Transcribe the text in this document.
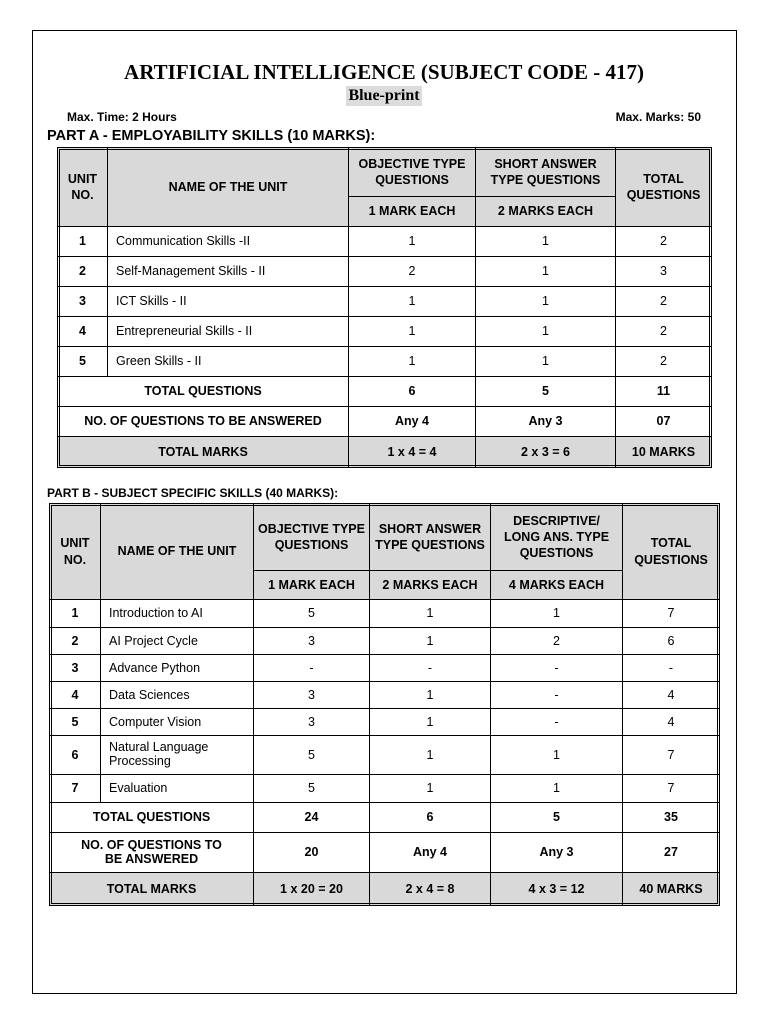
ARTIFICIAL INTELLIGENCE (SUBJECT CODE - 417)
Blue-print
Max. Time: 2 Hours	Max. Marks: 50
PART A - EMPLOYABILITY SKILLS (10 MARKS):
UNIT NO.	NAME OF THE UNIT	OBJECTIVE TYPE QUESTIONS	SHORT ANSWER TYPE QUESTIONS	TOTAL QUESTIONS
		1 MARK EACH	2 MARKS EACH	
1	Communication Skills -II	1	1	2
2	Self-Management Skills - II	2	1	3
3	ICT Skills - II	1	1	2
4	Entrepreneurial Skills - II	1	1	2
5	Green Skills - II	1	1	2
TOTAL QUESTIONS		6	5	11
NO. OF QUESTIONS TO BE ANSWERED		Any 4	Any 3	07
TOTAL MARKS		1 x 4 = 4	2 x 3 = 6	10 MARKS
PART B - SUBJECT SPECIFIC SKILLS (40 MARKS):
UNIT NO.	NAME OF THE UNIT	OBJECTIVE TYPE QUESTIONS	SHORT ANSWER TYPE QUESTIONS	DESCRIPTIVE/ LONG ANS. TYPE QUESTIONS	TOTAL QUESTIONS
		1 MARK EACH	2 MARKS EACH	4 MARKS EACH	
1	Introduction to AI	5	1	1	7
2	AI Project Cycle	3	1	2	6
3	Advance Python	-	-	-	-
4	Data Sciences	3	1	-	4
5	Computer Vision	3	1	-	4
6	Natural Language Processing	5	1	1	7
7	Evaluation	5	1	1	7
TOTAL QUESTIONS		24	6	5	35
NO. OF QUESTIONS TO BE ANSWERED		20	Any 4	Any 3	27
TOTAL MARKS		1 x 20 = 20	2 x 4 = 8	4 x 3 = 12	40 MARKS
